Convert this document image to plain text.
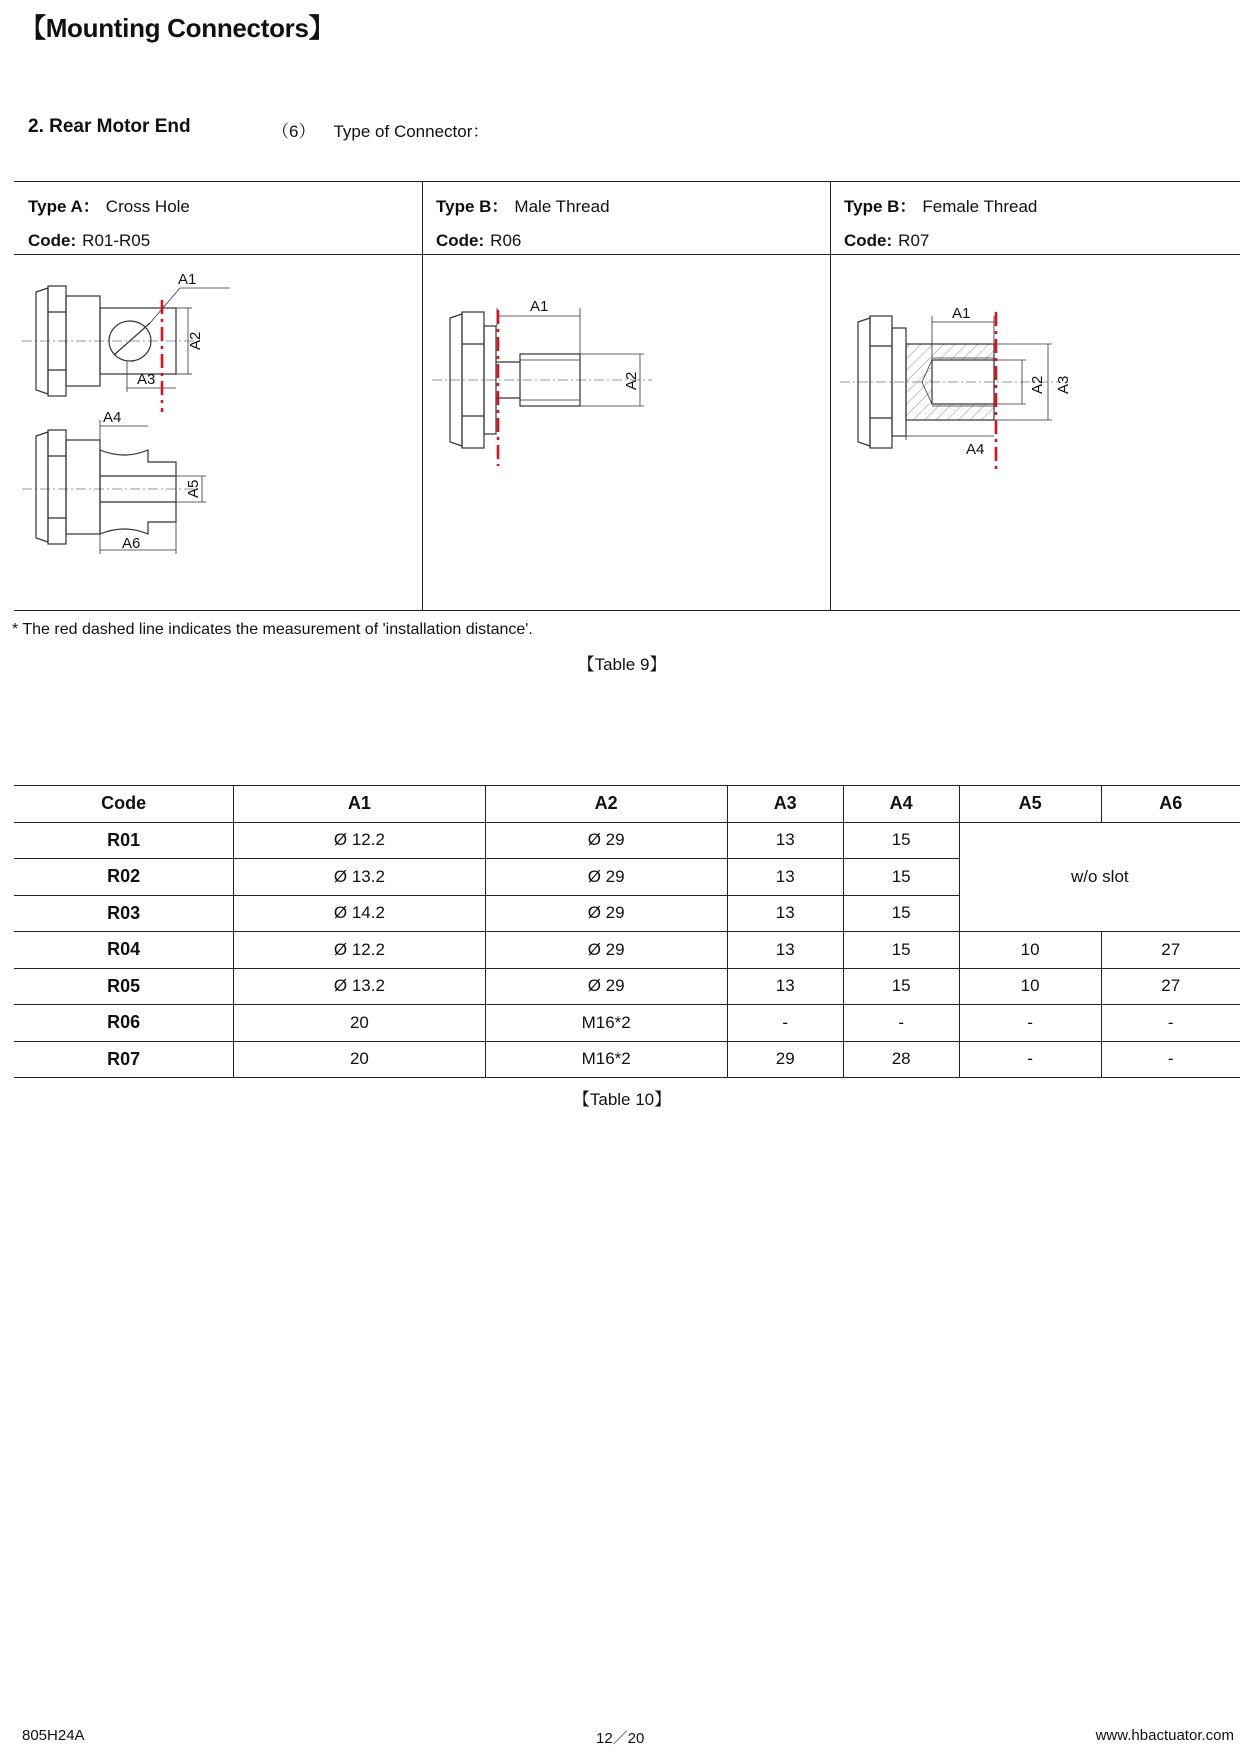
【Mounting Connectors】
2. Rear Motor End	（6） Type of Connector：
Type A： Cross Hole
Code: R01-R05
Type B： Male Thread
Code: R06
Type B： Female Thread
Code: R07
A1
A2
A3
A4
A5
A6
A1
A2
A1
A2 A3
A4
* The red dashed line indicates the measurement of 'installation distance'.
【Table 9】
Code	A1	A2	A3	A4	A5	A6
R01	Ø 12.2	Ø 29	13	15	w/o slot	
R02	Ø 13.2	Ø 29	13	15		
R03	Ø 14.2	Ø 29	13	15		
R04	Ø 12.2	Ø 29	13	15	10	27
R05	Ø 13.2	Ø 29	13	15	10	27
R06	20	M16*2	-	-	-	-
R07	20	M16*2	29	28	-	-
【Table 10】
805H24A	12／20	www.hbactuator.com
